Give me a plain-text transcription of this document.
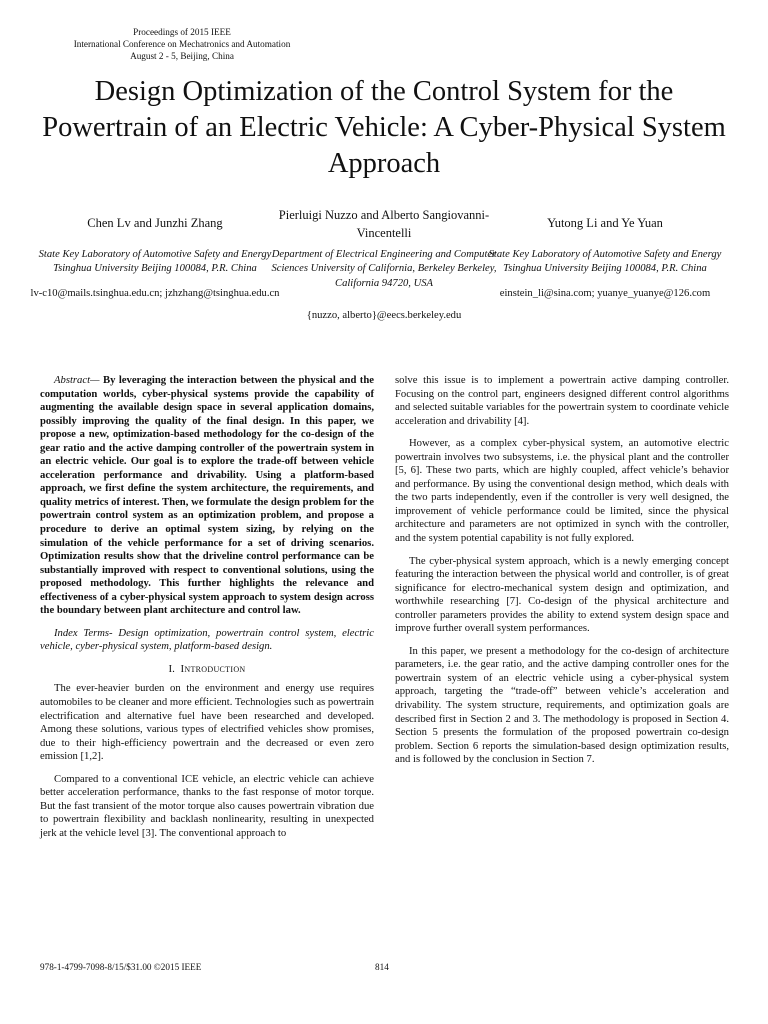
Proceedings of 2015 IEEE
International Conference on Mechatronics and Automation
August 2 - 5, Beijing, China
Design Optimization of the Control System for the Powertrain of an Electric Vehicle: A Cyber-Physical System Approach
Chen Lv and Junzhi Zhang
State Key Laboratory of Automotive Safety and Energy Tsinghua University Beijing 100084, P.R. China
lv-c10@mails.tsinghua.edu.cn; jzhzhang@tsinghua.edu.cn
Pierluigi Nuzzo and Alberto Sangiovanni-Vincentelli
Department of Electrical Engineering and Computer Sciences University of California, Berkeley Berkeley, California 94720, USA
{nuzzo, alberto}@eecs.berkeley.edu
Yutong Li and Ye Yuan
State Key Laboratory of Automotive Safety and Energy Tsinghua University Beijing 100084, P.R. China
einstein_li@sina.com; yuanye_yuanye@126.com

Abstract— By leveraging the interaction between the physical and the computation worlds, cyber-physical systems provide the capability of augmenting the available design space in several application domains, possibly improving the quality of the final design. In this paper, we propose a new, optimization-based methodology for the co-design of the gear ratio and the active damping controller of the powertrain system in an electric vehicle. Our goal is to explore the trade-off between vehicle acceleration performance and drivability. Using a platform-based approach, we first define the system architecture, the requirements, and quality metrics of interest. Then, we formulate the design problem for the powertrain control system as an optimization problem, and propose a procedure to derive an optimal system sizing, by relying on the simulation of the vehicle performance for a set of driving scenarios. Optimization results show that the driveline control performance can be substantially improved with respect to conventional solutions, using the proposed methodology. This further highlights the relevance and effectiveness of a cyber-physical system approach to system design across the boundary between plant architecture and control law.

Index Terms- Design optimization, powertrain control system, electric vehicle, cyber-physical system, platform-based design.

I. Introduction

The ever-heavier burden on the environment and energy use requires automobiles to be cleaner and more efficient. Technologies such as powertrain electrification and alternative fuel have been researched and developed. Among these solutions, various types of electrified vehicles show promises, due to their high-efficiency powertrain and the decreased or even zero emission [1,2].

Compared to a conventional ICE vehicle, an electric vehicle can achieve better acceleration performance, thanks to the fast response of motor torque. But the fast transient of the motor torque also causes powertrain vibration due to powertrain flexibility and backlash nonlinearity, resulting in unexpected jerk at the vehicle level [3]. The conventional approach to

solve this issue is to implement a powertrain active damping controller. Focusing on the control part, engineers designed different control algorithms and selected suitable variables for the powertrain system to coordinate vehicle acceleration and drivability [4].

However, as a complex cyber-physical system, an automotive electric powertrain involves two subsystems, i.e. the physical plant and the controller [5, 6]. These two parts, which are highly coupled, affect vehicle’s behavior and performance. By using the conventional design method, which deals with the two parts independently, even if the controller is very well designed, the improvement of vehicle performance could be limited, since the physical architecture and parameters are not optimized in synch with the controller, and the system potential capability is not fully explored.

The cyber-physical system approach, which is a newly emerging concept featuring the interaction between the physical world and controller, is of great significance for electro-mechanical system design and optimization, and worthwhile researching [7]. Co-design of the physical architecture and controller parameters provides the ability to extend system design space and improve further overall system performances.

In this paper, we present a methodology for the co-design of architecture parameters, i.e. the gear ratio, and the active damping controller ones for the powertrain system of an electric vehicle using a cyber-physical system approach, targeting the “trade-off” between vehicle’s acceleration and drivability. The system structure, requirements, and optimization goals are described first in Section 2 and 3. The methodology is proposed in Section 4. Section 5 presents the formulation of the proposed powertrain co-design problem. Section 6 reports the simulation-based design optimization results, and is followed by the conclusion in Section 7.

978-1-4799-7098-8/15/$31.00 ©2015 IEEE	814
